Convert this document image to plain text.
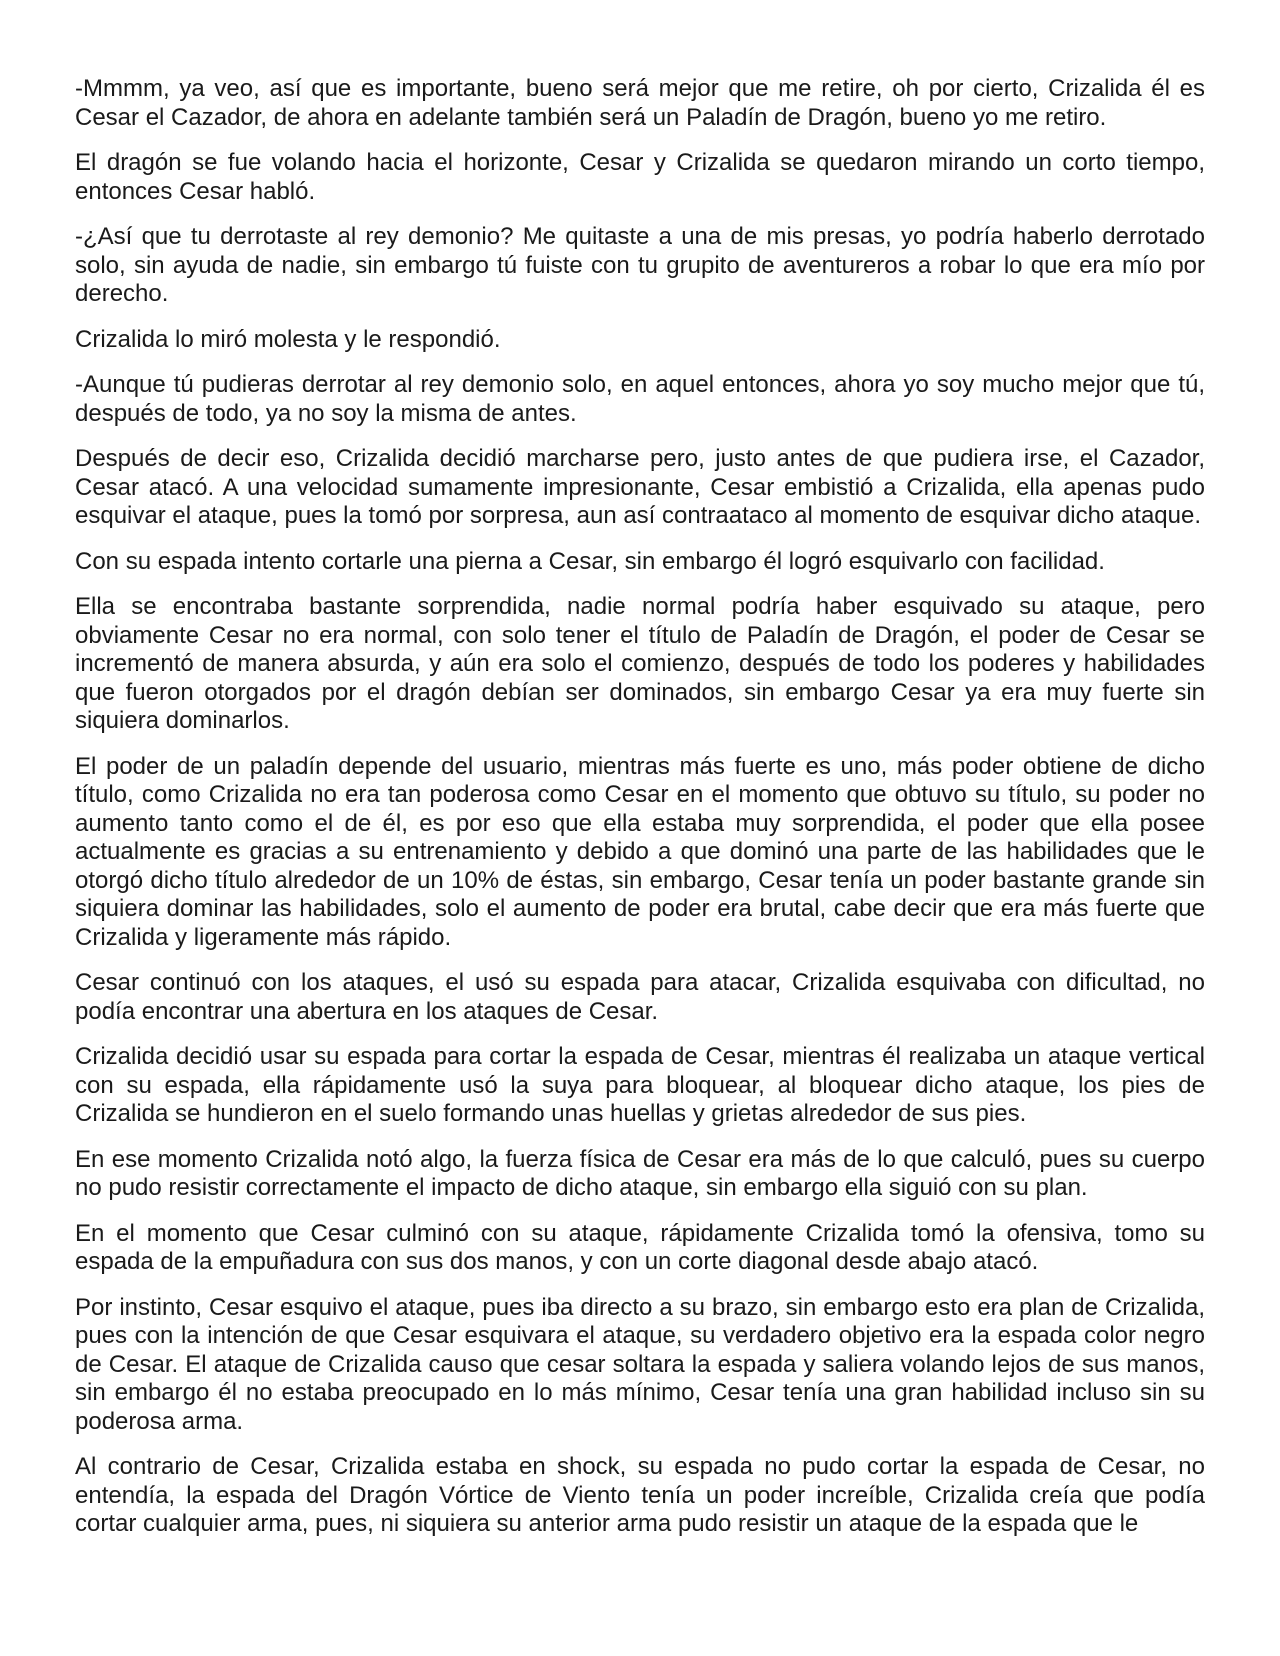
-Mmmm, ya veo, así que es importante, bueno será mejor que me retire, oh por cierto, Crizalida él es Cesar el Cazador, de ahora en adelante también será un Paladín de Dragón, bueno yo me retiro.

El dragón se fue volando hacia el horizonte, Cesar y Crizalida se quedaron mirando un corto tiempo, entonces Cesar habló.

-¿Así que tu derrotaste al rey demonio? Me quitaste a una de mis presas, yo podría haberlo derrotado solo, sin ayuda de nadie, sin embargo tú fuiste con tu grupito de aventureros a robar lo que era mío por derecho.

Crizalida lo miró molesta y le respondió.

-Aunque tú pudieras derrotar al rey demonio solo, en aquel entonces, ahora yo soy mucho mejor que tú, después de todo, ya no soy la misma de antes.

Después de decir eso, Crizalida decidió marcharse pero, justo antes de que pudiera irse, el Cazador, Cesar atacó. A una velocidad sumamente impresionante, Cesar embistió a Crizalida, ella apenas pudo esquivar el ataque, pues la tomó por sorpresa, aun así contraataco al momento de esquivar dicho ataque.

Con su espada intento cortarle una pierna a Cesar, sin embargo él logró esquivarlo con facilidad.

Ella se encontraba bastante sorprendida, nadie normal podría haber esquivado su ataque, pero obviamente Cesar no era normal, con solo tener el título de Paladín de Dragón, el poder de Cesar se incrementó de manera absurda, y aún era solo el comienzo, después de todo los poderes y habilidades que fueron otorgados por el dragón debían ser dominados, sin embargo Cesar ya era muy fuerte sin siquiera dominarlos.

El poder de un paladín depende del usuario, mientras más fuerte es uno, más poder obtiene de dicho título, como Crizalida no era tan poderosa como Cesar en el momento que obtuvo su título, su poder no aumento tanto como el de él, es por eso que ella estaba muy sorprendida, el poder que ella posee actualmente es gracias a su entrenamiento y debido a que dominó una parte de las habilidades que le otorgó dicho título alrededor de un 10% de éstas, sin embargo, Cesar tenía un poder bastante grande sin siquiera dominar las habilidades, solo el aumento de poder era brutal, cabe decir que era más fuerte que Crizalida y ligeramente más rápido.

Cesar continuó con los ataques, el usó su espada para atacar, Crizalida esquivaba con dificultad, no podía encontrar una abertura en los ataques de Cesar.

Crizalida decidió usar su espada para cortar la espada de Cesar, mientras él realizaba un ataque vertical con su espada, ella rápidamente usó la suya para bloquear, al bloquear dicho ataque, los pies de Crizalida se hundieron en el suelo formando unas huellas y grietas alrededor de sus pies.

En ese momento Crizalida notó algo, la fuerza física de Cesar era más de lo que calculó, pues su cuerpo no pudo resistir correctamente el impacto de dicho ataque, sin embargo ella siguió con su plan.

En el momento que Cesar culminó con su ataque, rápidamente Crizalida tomó la ofensiva, tomo su espada de la empuñadura con sus dos manos, y con un corte diagonal desde abajo atacó.

Por instinto, Cesar esquivo el ataque, pues iba directo a su brazo, sin embargo esto era plan de Crizalida, pues con la intención de que Cesar esquivara el ataque, su verdadero objetivo era la espada color negro de Cesar. El ataque de Crizalida causo que cesar soltara la espada y saliera volando lejos de sus manos, sin embargo él no estaba preocupado en lo más mínimo, Cesar tenía una gran habilidad incluso sin su poderosa arma.

Al contrario de Cesar, Crizalida estaba en shock, su espada no pudo cortar la espada de Cesar, no entendía, la espada del Dragón Vórtice de Viento tenía un poder increíble, Crizalida creía que podía cortar cualquier arma, pues, ni siquiera su anterior arma pudo resistir un ataque de la espada que le
